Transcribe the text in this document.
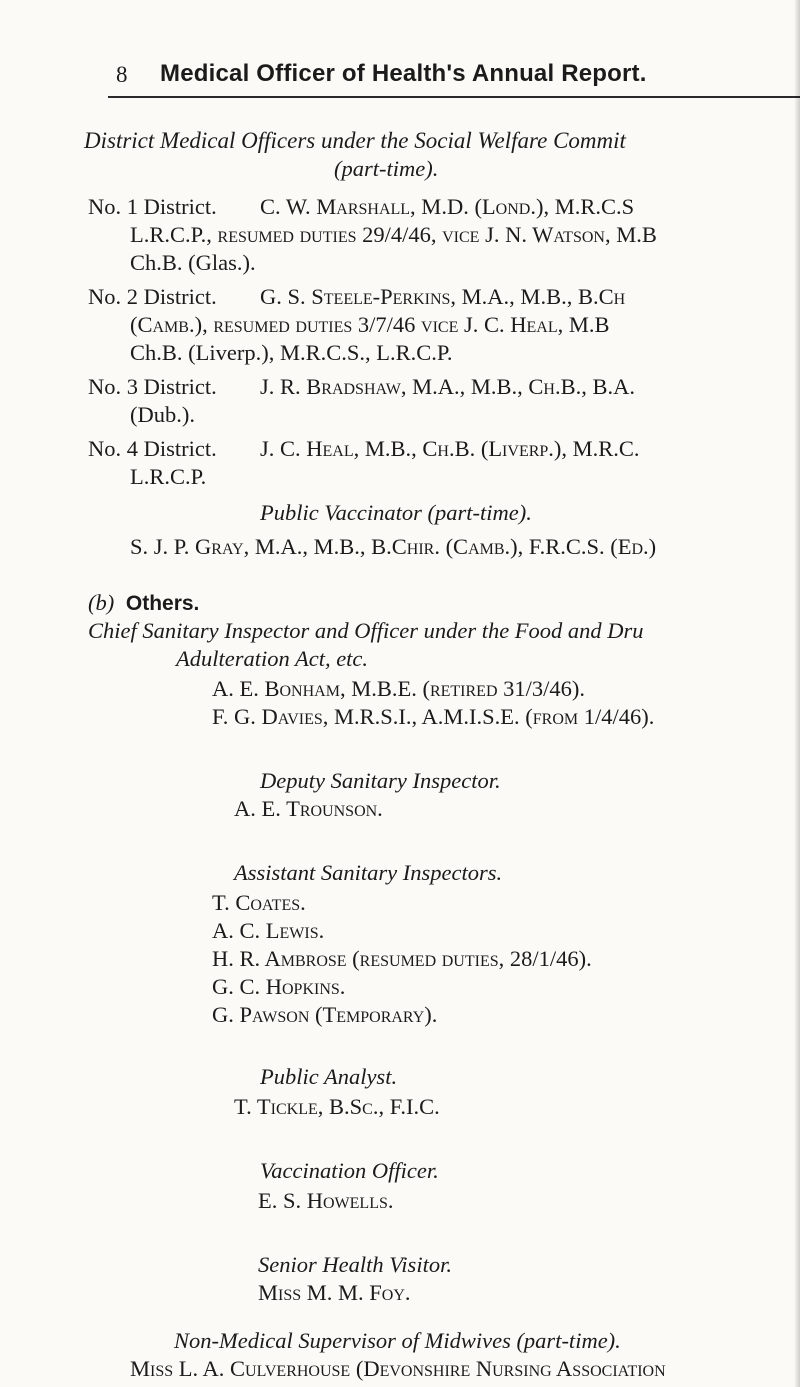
8 Medical Officer of Health's Annual Report.
District Medical Officers under the Social Welfare Commit
(part-time).
No. 1 District. C. W. Marshall, M.D. (Lond.), M.R.C.S
L.R.C.P., resumed duties 29/4/46, vice J. N. Watson, M.B
Ch.B. (Glas.).
No. 2 District. G. S. Steele-Perkins, M.A., M.B., B.Ch
(Camb.), resumed duties 3/7/46 vice J. C. Heal, M.B
Ch.B. (Liverp.), M.R.C.S., L.R.C.P.
No. 3 District. J. R. Bradshaw, M.A., M.B., Ch.B., B.A.
(Dub.).
No. 4 District. J. C. Heal, M.B., Ch.B. (Liverp.), M.R.C.
L.R.C.P.
Public Vaccinator (part-time).
S. J. P. Gray, M.A., M.B., B.Chir. (Camb.), F.R.C.S. (Ed.)
(b) Others.
Chief Sanitary Inspector and Officer under the Food and Dru
Adulteration Act, etc.
A. E. Bonham, M.B.E. (retired 31/3/46).
F. G. Davies, M.R.S.I., A.M.I.S.E. (from 1/4/46).
Deputy Sanitary Inspector.
A. E. Trounson.
Assistant Sanitary Inspectors.
T. Coates.
A. C. Lewis.
H. R. Ambrose (resumed duties, 28/1/46).
G. C. Hopkins.
G. Pawson (Temporary).
Public Analyst.
T. Tickle, B.Sc., F.I.C.
Vaccination Officer.
E. S. Howells.
Senior Health Visitor.
Miss M. M. Foy.
Non-Medical Supervisor of Midwives (part-time).
Miss L. A. Culverhouse (Devonshire Nursing Association
